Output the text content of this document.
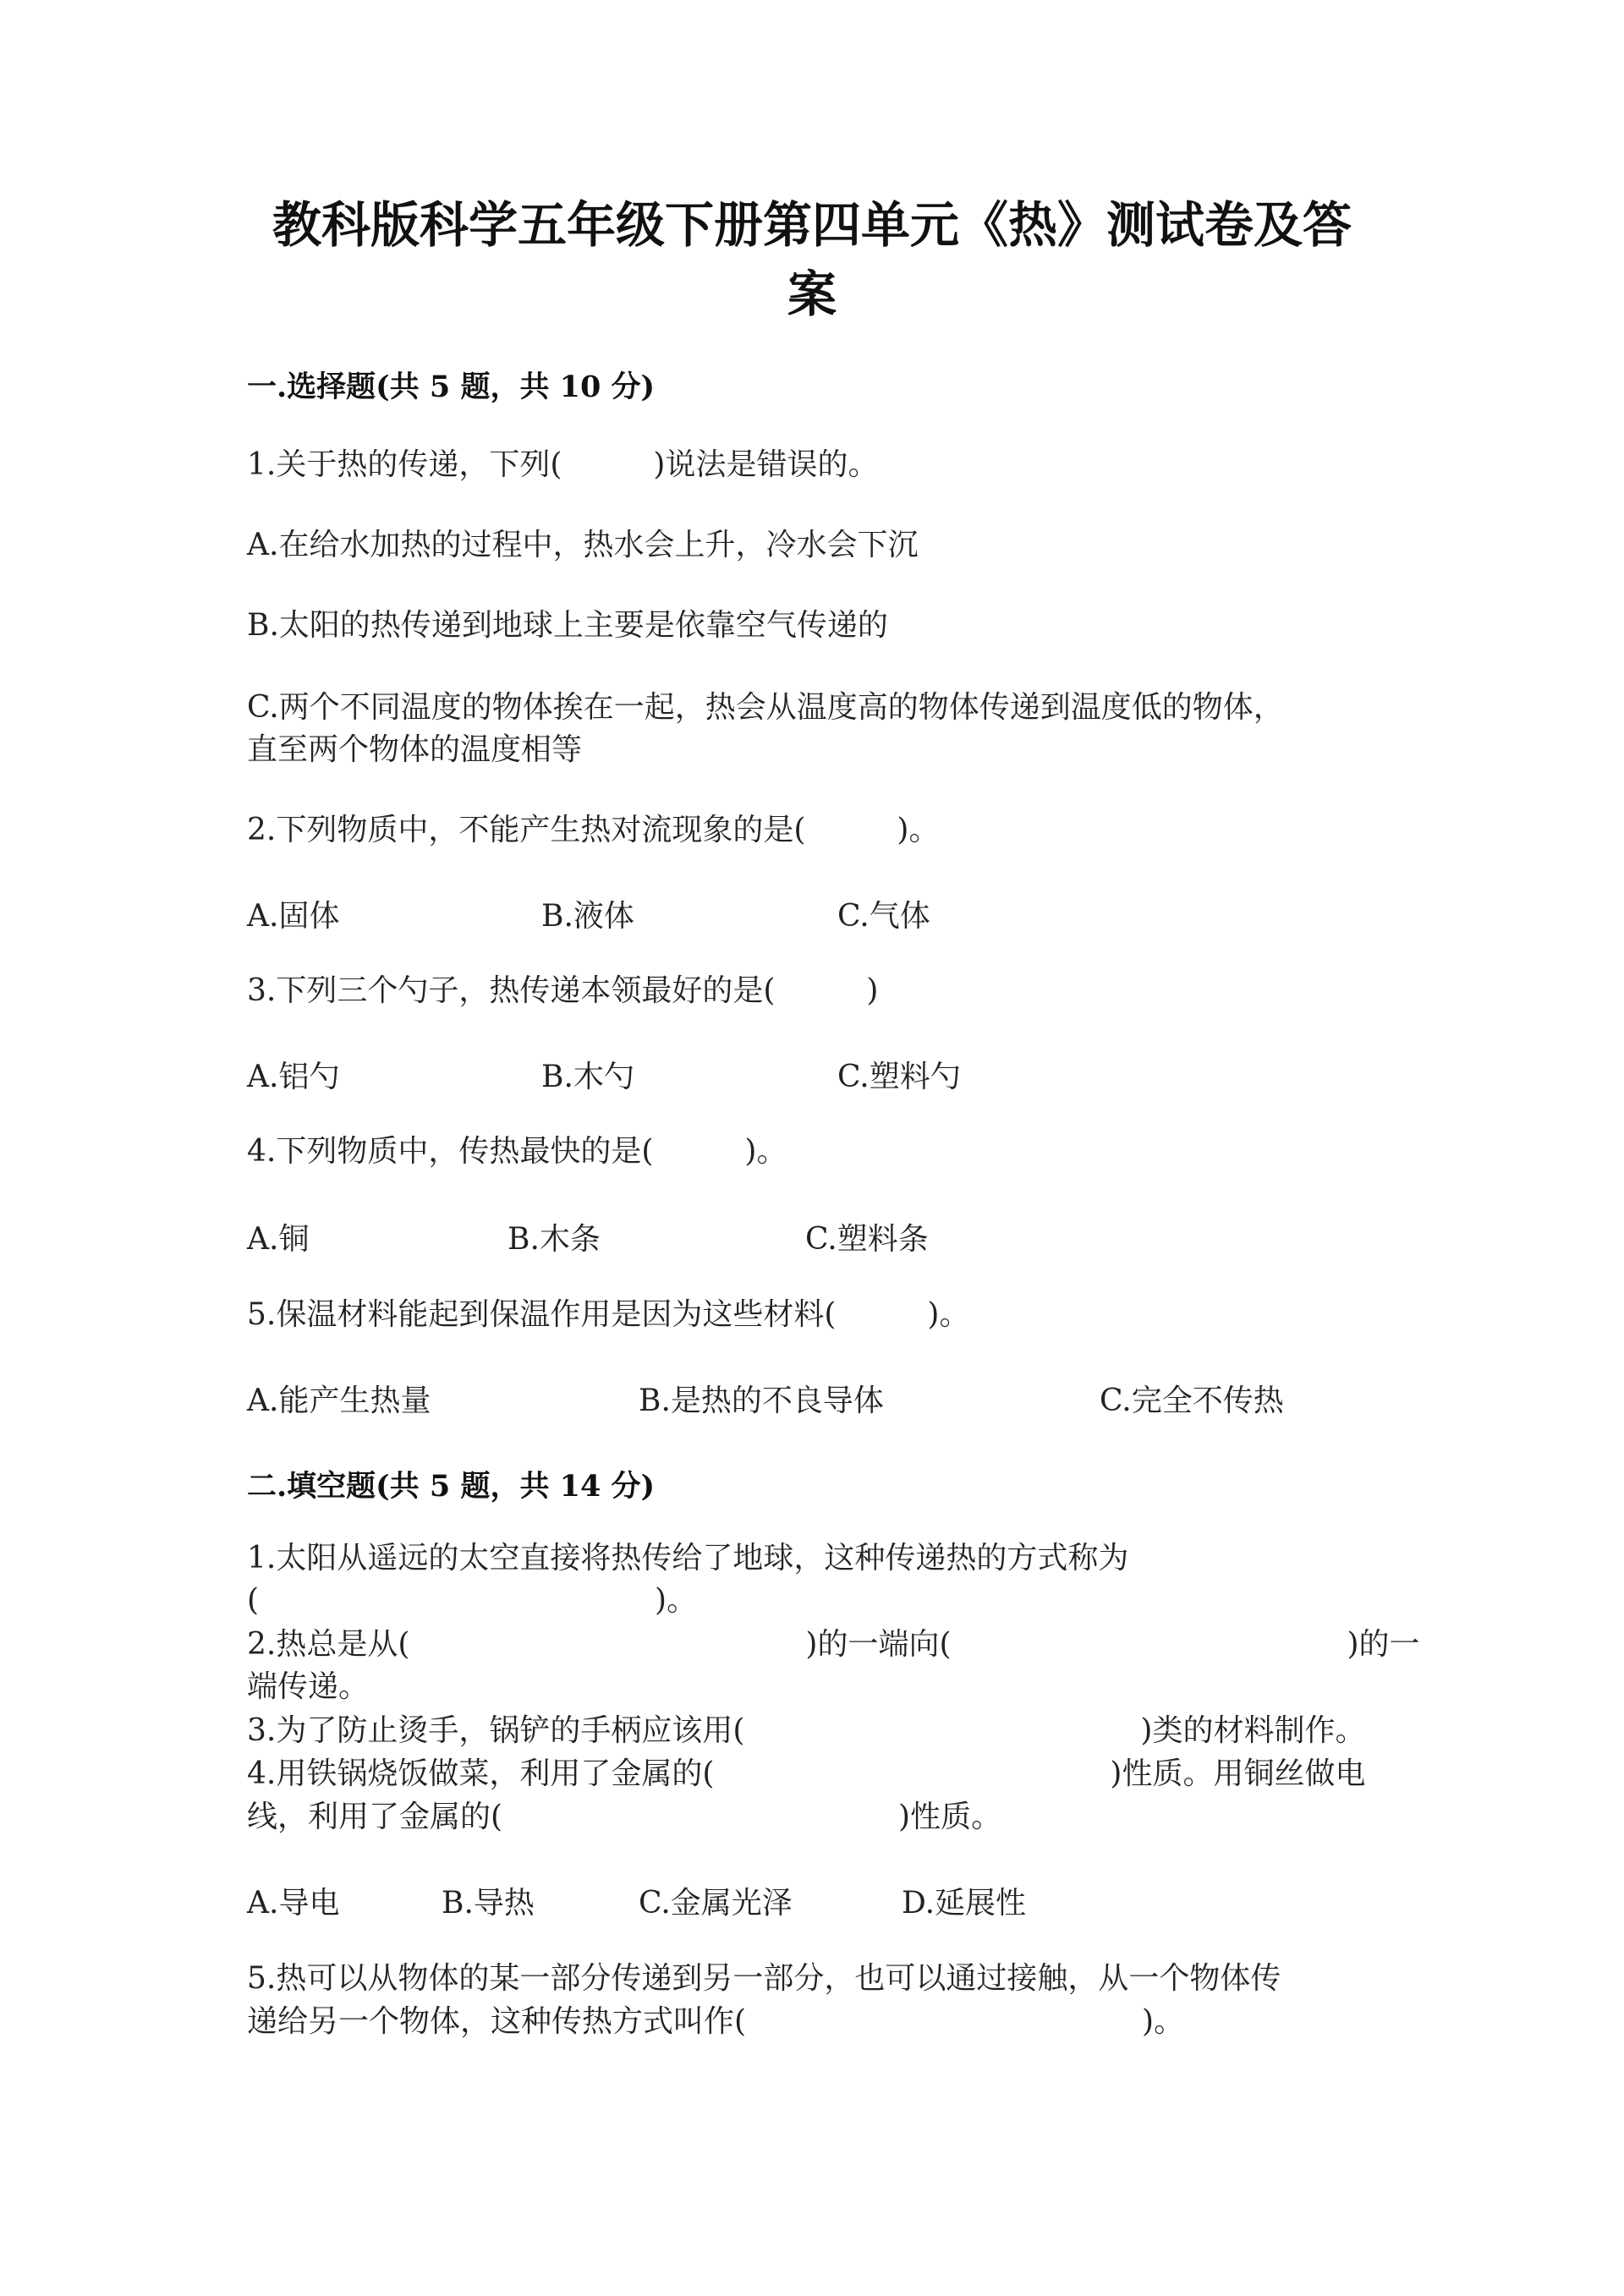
教科版科学五年级下册第四单元《热》测试卷及答
案
一.选择题(共 5 题，共 10 分)
1.关于热的传递，下列(　　　)说法是错误的。
A.在给水加热的过程中，热水会上升，冷水会下沉
B.太阳的热传递到地球上主要是依靠空气传递的
C.两个不同温度的物体挨在一起，热会从温度高的物体传递到温度低的物体，
直至两个物体的温度相等
2.下列物质中，不能产生热对流现象的是(　　　)。
A.固体	B.液体	C.气体
3.下列三个勺子，热传递本领最好的是(　　　)
A.铝勺	B.木勺	C.塑料勺
4.下列物质中，传热最快的是(　　　)。
A.铜	B.木条	C.塑料条
5.保温材料能起到保温作用是因为这些材料(　　　)。
A.能产生热量	B.是热的不良导体	C.完全不传热
二.填空题(共 5 题，共 14 分)
1.太阳从遥远的太空直接将热传给了地球，这种传递热的方式称为
(　　　　　　　　　　　　　)。
2.热总是从(　　　　　　　　　　　　　)的一端向(　　　　　　　　　　　　　)的一
端传递。
3.为了防止烫手，锅铲的手柄应该用(　　　　　　　　　　　　　)类的材料制作。
4.用铁锅烧饭做菜，利用了金属的(　　　　　　　　　　　　　)性质。用铜丝做电
线，利用了金属的(　　　　　　　　　　　　　)性质。
A.导电	B.导热	C.金属光泽	D.延展性
5.热可以从物体的某一部分传递到另一部分，也可以通过接触，从一个物体传
递给另一个物体，这种传热方式叫作(　　　　　　　　　　　　　)。
